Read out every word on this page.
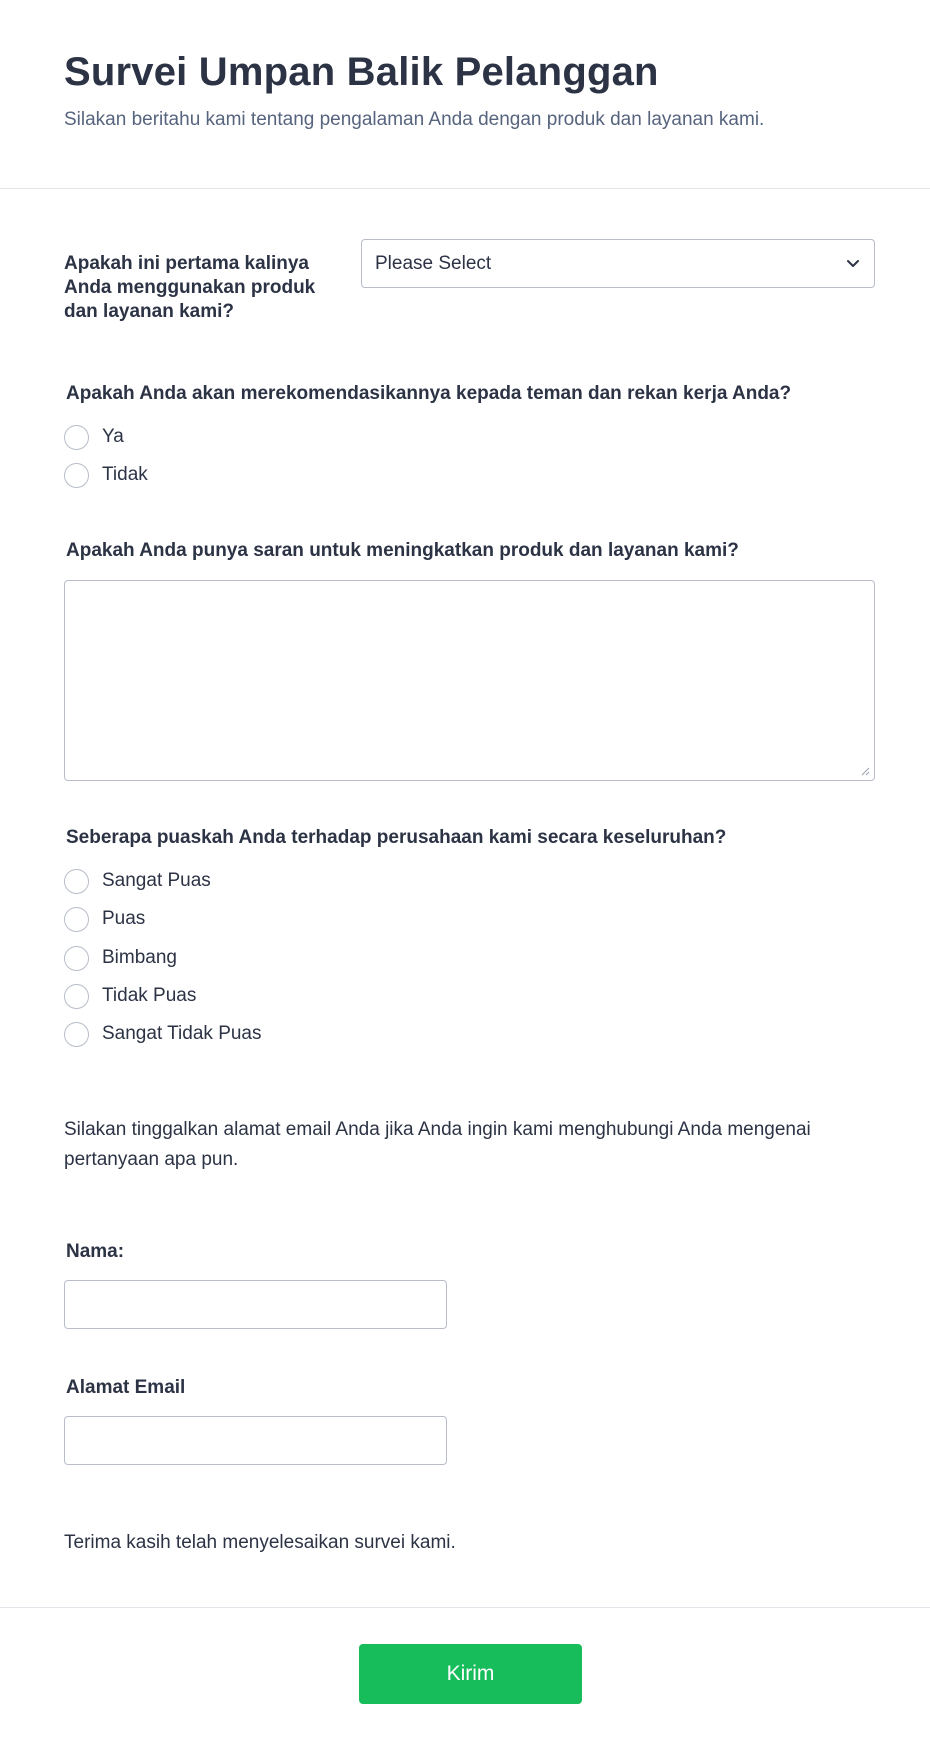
Survei Umpan Balik Pelanggan
Silakan beritahu kami tentang pengalaman Anda dengan produk dan layanan kami.
Apakah ini pertama kalinya
Anda menggunakan produk
dan layanan kami?
Please Select
Apakah Anda akan merekomendasikannya kepada teman dan rekan kerja Anda?
Ya
Tidak
Apakah Anda punya saran untuk meningkatkan produk dan layanan kami?
Seberapa puaskah Anda terhadap perusahaan kami secara keseluruhan?
Sangat Puas
Puas
Bimbang
Tidak Puas
Sangat Tidak Puas
Silakan tinggalkan alamat email Anda jika Anda ingin kami menghubungi Anda mengenai
pertanyaan apa pun.
Nama:
Alamat Email
Terima kasih telah menyelesaikan survei kami.
Kirim
